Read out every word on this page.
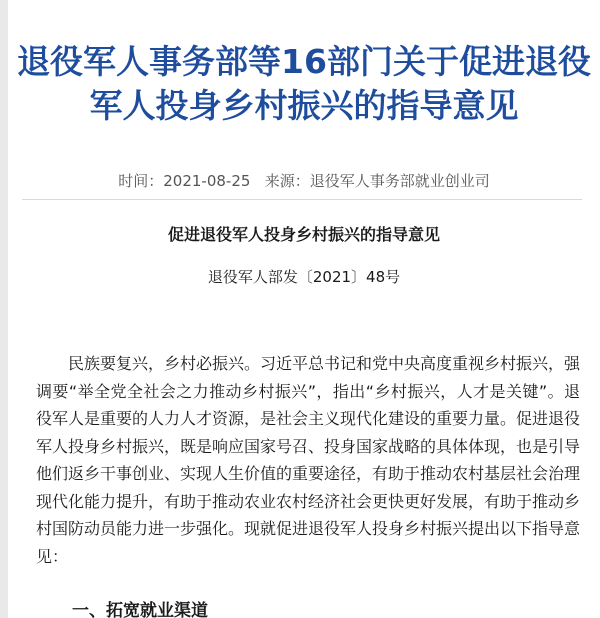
退役军人事务部等16部门关于促进退役军人投身乡村振兴的指导意见
时间：2021-08-25 来源：退役军人事务部就业创业司
促进退役军人投身乡村振兴的指导意见
退役军人部发〔2021〕48号

民族要复兴，乡村必振兴。习近平总书记和党中央高度重视乡村振兴，强调要“举全党全社会之力推动乡村振兴”，指出“乡村振兴，人才是关键”。退役军人是重要的人力人才资源，是社会主义现代化建设的重要力量。促进退役军人投身乡村振兴，既是响应国家号召、投身国家战略的具体体现，也是引导他们返乡干事创业、实现人生价值的重要途径，有助于推动农村基层社会治理现代化能力提升，有助于推动农业农村经济社会更快更好发展，有助于推动乡村国防动员能力进一步强化。现就促进退役军人投身乡村振兴提出以下指导意见：

一、拓宽就业渠道
